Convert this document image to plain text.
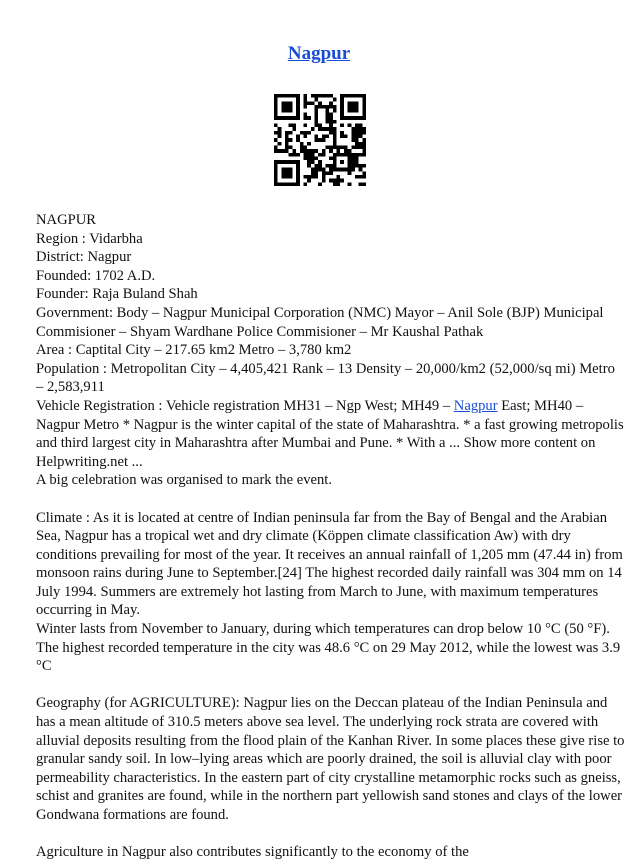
Nagpur
NAGPUR
Region : Vidarbha
District: Nagpur
Founded: 1702 A.D.
Founder: Raja Buland Shah
Government: Body – Nagpur Municipal Corporation (NMC) Mayor – Anil Sole (BJP) Municipal
Commisioner – Shyam Wardhane Police Commisioner – Mr Kaushal Pathak
Area : Captital City – 217.65 km2 Metro – 3,780 km2
Population : Metropolitan City – 4,405,421 Rank – 13 Density – 20,000/km2 (52,000/sq mi) Metro
– 2,583,911
Vehicle Registration : Vehicle registration MH31 – Ngp West; MH49 – Nagpur East; MH40 –
Nagpur Metro * Nagpur is the winter capital of the state of Maharashtra. * a fast growing metropolis
and third largest city in Maharashtra after Mumbai and Pune. * With a ... Show more content on
Helpwriting.net ...
A big celebration was organised to mark the event.
Climate : As it is located at centre of Indian peninsula far from the Bay of Bengal and the Arabian
Sea, Nagpur has a tropical wet and dry climate (Köppen climate classification Aw) with dry
conditions prevailing for most of the year. It receives an annual rainfall of 1,205 mm (47.44 in) from
monsoon rains during June to September.[24] The highest recorded daily rainfall was 304 mm on 14
July 1994. Summers are extremely hot lasting from March to June, with maximum temperatures
occurring in May.
Winter lasts from November to January, during which temperatures can drop below 10 °C (50 °F).
The highest recorded temperature in the city was 48.6 °C on 29 May 2012, while the lowest was 3.9
°C
Geography (for AGRICULTURE): Nagpur lies on the Deccan plateau of the Indian Peninsula and
has a mean altitude of 310.5 meters above sea level. The underlying rock strata are covered with
alluvial deposits resulting from the flood plain of the Kanhan River. In some places these give rise to
granular sandy soil. In low–lying areas which are poorly drained, the soil is alluvial clay with poor
permeability characteristics. In the eastern part of city crystalline metamorphic rocks such as gneiss,
schist and granites are found, while in the northern part yellowish sand stones and clays of the lower
Gondwana formations are found.
Agriculture in Nagpur also contributes significantly to the economy of the
